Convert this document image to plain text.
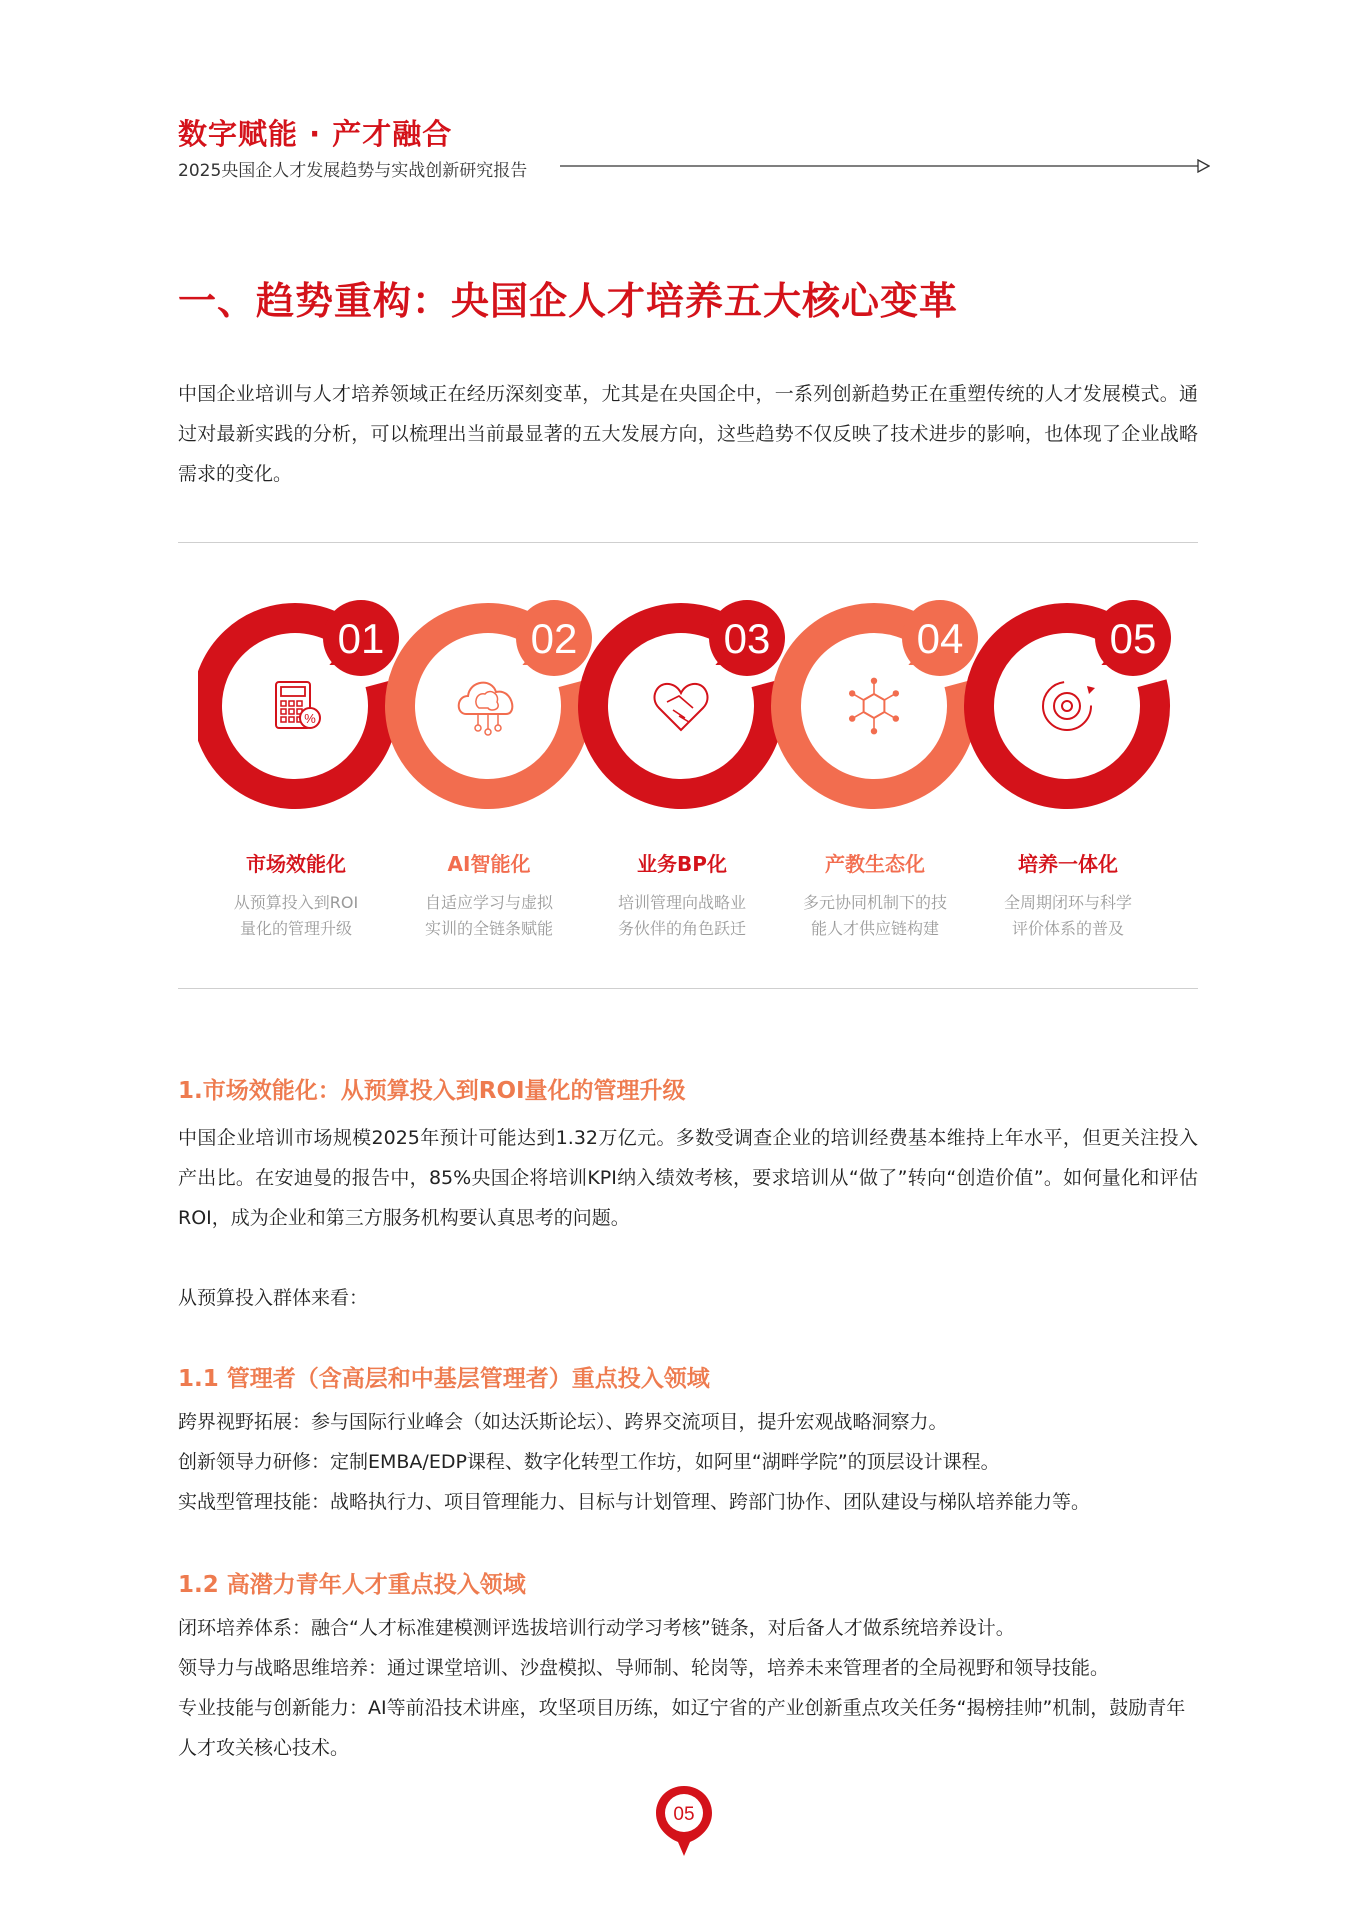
数字赋能 · 产才融合
2025央国企人才发展趋势与实战创新研究报告
一、趋势重构：央国企人才培养五大核心变革
中国企业培训与人才培养领域正在经历深刻变革，尤其是在央国企中，一系列创新趋势正在重塑传统的人才发展模式。通过对最新实践的分析，可以梳理出当前最显著的五大发展方向，这些趋势不仅反映了技术进步的影响，也体现了企业战略需求的变化。
01
%
02	03	04	05
市场效能化	AI智能化	业务BP化	产教生态化	培养一体化
从预算投入到ROI
量化的管理升级
自适应学习与虚拟
实训的全链条赋能
培训管理向战略业
务伙伴的角色跃迁
多元协同机制下的技
能人才供应链构建
全周期闭环与科学
评价体系的普及
1.市场效能化：从预算投入到ROI量化的管理升级
中国企业培训市场规模2025年预计可能达到1.32万亿元。多数受调查企业的培训经费基本维持上年水平，但更关注投入产出比。在安迪曼的报告中，85%央国企将培训KPI纳入绩效考核，要求培训从“做了”转向“创造价值”。如何量化和评估ROI，成为企业和第三方服务机构要认真思考的问题。
从预算投入群体来看：
1.1 管理者（含高层和中基层管理者）重点投入领域
跨界视野拓展：参与国际行业峰会（如达沃斯论坛）、跨界交流项目，提升宏观战略洞察力。
创新领导力研修：定制EMBA/EDP课程、数字化转型工作坊，如阿里“湖畔学院”的顶层设计课程。
实战型管理技能：战略执行力、项目管理能力、目标与计划管理、跨部门协作、团队建设与梯队培养能力等。
1.2 高潜力青年人才重点投入领域
闭环培养体系：融合“人才标准建模测评选拔培训行动学习考核”链条，对后备人才做系统培养设计。
领导力与战略思维培养：通过课堂培训、沙盘模拟、导师制、轮岗等，培养未来管理者的全局视野和领导技能。
专业技能与创新能力：AI等前沿技术讲座，攻坚项目历练，如辽宁省的产业创新重点攻关任务“揭榜挂帅”机制，鼓励青年人才攻关核心技术。
05
